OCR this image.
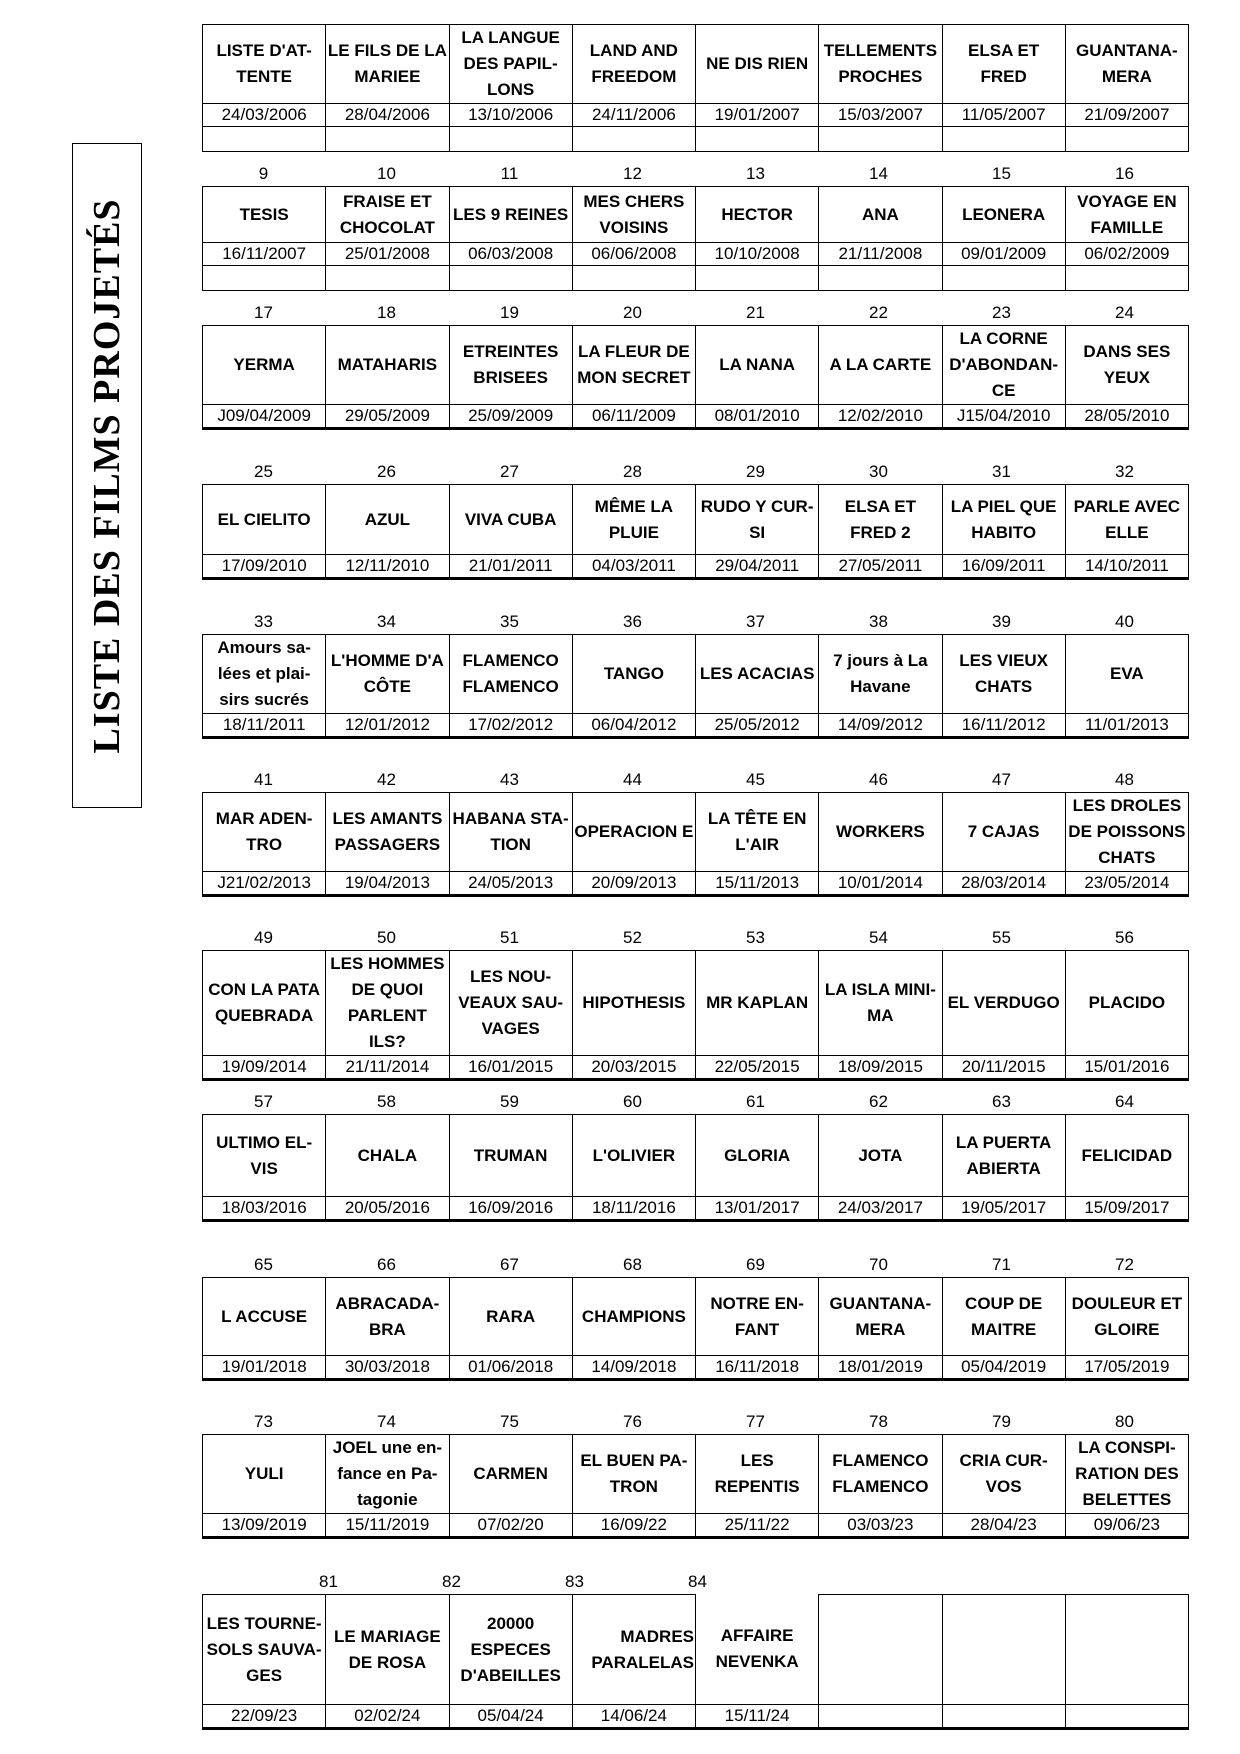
LISTE DES FILMS PROJETÉS
LISTE D'AT-TENTE	LE FILS DE LA MARIEE	LA LANGUE DES PAPIL-LONS	LAND AND FREEDOM	NE DIS RIEN	TELLEMENTS PROCHES	ELSA ET FRED	GUANTANA-MERA
24/03/2006	28/04/2006	13/10/2006	24/11/2006	19/01/2007	15/03/2007	11/05/2007	21/09/2007

9	10	11	12	13	14	15	16
TESIS	FRAISE ET CHOCOLAT	LES 9 REINES	MES CHERS VOISINS	HECTOR	ANA	LEONERA	VOYAGE EN FAMILLE
16/11/2007	25/01/2008	06/03/2008	06/06/2008	10/10/2008	21/11/2008	09/01/2009	06/02/2009

17	18	19	20	21	22	23	24
YERMA	MATAHARIS	ETREINTES BRISEES	LA FLEUR DE MON SECRET	LA NANA	A LA CARTE	LA CORNE D'ABONDAN-CE	DANS SES YEUX
J09/04/2009	29/05/2009	25/09/2009	06/11/2009	08/01/2010	12/02/2010	J15/04/2010	28/05/2010
25	26	27	28	29	30	31	32
EL CIELITO	AZUL	VIVA CUBA	MÊME LA PLUIE	RUDO Y CUR-SI	ELSA ET FRED 2	LA PIEL QUE HABITO	PARLE AVEC ELLE
17/09/2010	12/11/2010	21/01/2011	04/03/2011	29/04/2011	27/05/2011	16/09/2011	14/10/2011
33	34	35	36	37	38	39	40
Amours sa-lées et plai-sirs sucrés	L'HOMME D'A CÔTE	FLAMENCO FLAMENCO	TANGO	LES ACACIAS	7 jours à La Havane	LES VIEUX CHATS	EVA
18/11/2011	12/01/2012	17/02/2012	06/04/2012	25/05/2012	14/09/2012	16/11/2012	11/01/2013
41	42	43	44	45	46	47	48
MAR ADEN-TRO	LES AMANTS PASSAGERS	HABANA STA-TION	OPERACION E	LA TÊTE EN L'AIR	WORKERS	7 CAJAS	LES DROLES DE POISSONS CHATS
J21/02/2013	19/04/2013	24/05/2013	20/09/2013	15/11/2013	10/01/2014	28/03/2014	23/05/2014
49	50	51	52	53	54	55	56
CON LA PATA QUEBRADA	LES HOMMES DE QUOI PARLENT ILS?	LES NOU-VEAUX SAU-VAGES	HIPOTHESIS	MR KAPLAN	LA ISLA MINI-MA	EL VERDUGO	PLACIDO
19/09/2014	21/11/2014	16/01/2015	20/03/2015	22/05/2015	18/09/2015	20/11/2015	15/01/2016
57	58	59	60	61	62	63	64
ULTIMO EL-VIS	CHALA	TRUMAN	L'OLIVIER	GLORIA	JOTA	LA PUERTA ABIERTA	FELICIDAD
18/03/2016	20/05/2016	16/09/2016	18/11/2016	13/01/2017	24/03/2017	19/05/2017	15/09/2017
65	66	67	68	69	70	71	72
L ACCUSE	ABRACADA-BRA	RARA	CHAMPIONS	NOTRE EN-FANT	GUANTANA-MERA	COUP DE MAITRE	DOULEUR ET GLOIRE
19/01/2018	30/03/2018	01/06/2018	14/09/2018	16/11/2018	18/01/2019	05/04/2019	17/05/2019
73	74	75	76	77	78	79	80
YULI	JOEL une en-fance en Pa-tagonie	CARMEN	EL BUEN PA-TRON	LES REPENTIS	FLAMENCO FLAMENCO	CRIA CUR-VOS	LA CONSPI-RATION DES BELETTES
13/09/2019	15/11/2019	07/02/20	16/09/22	25/11/22	03/03/23	28/04/23	09/06/23
81	82	83	84
LES TOURNE-SOLS SAUVA-GES	LE MARIAGE DE ROSA	20000 ESPECES D'ABEILLES	MADRES PARALELAS	AFFAIRE NEVENKA			
22/09/23	02/02/24	05/04/24	14/06/24	15/11/24			
